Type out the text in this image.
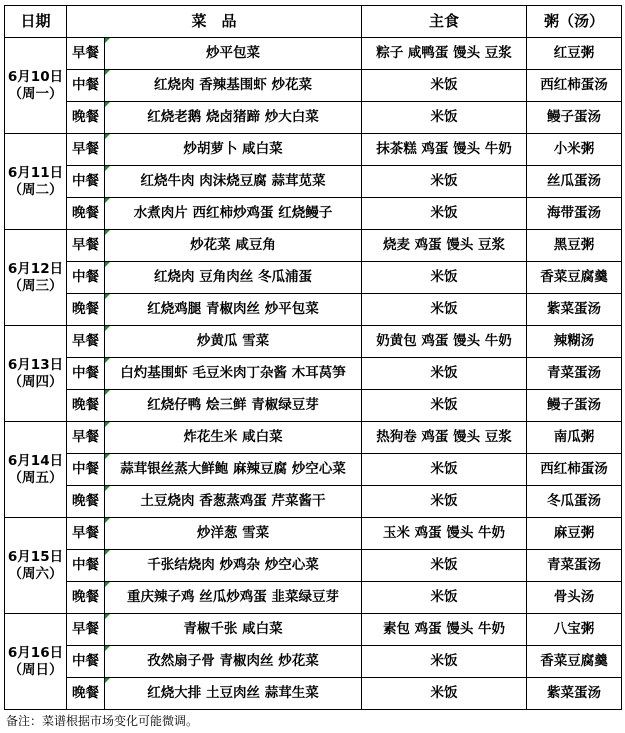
日期	菜　品		主食	粥（汤）

6月10日
（周一）	早餐	炒平包菜	粽子 咸鸭蛋 馒头 豆浆	红豆粥
	中餐	红烧肉 香辣基围虾 炒花菜	米饭	西红柿蛋汤
	晚餐	红烧老鹅 烧卤猪蹄 炒大白菜	米饭	鳗子蛋汤

6月11日
（周二）	早餐	炒胡萝卜 咸白菜	抹茶糕 鸡蛋 馒头 牛奶	小米粥
	中餐	红烧牛肉 肉沫烧豆腐 蒜茸苋菜	米饭	丝瓜蛋汤
	晚餐	水煮肉片 西红柿炒鸡蛋 红烧鳗子	米饭	海带蛋汤

6月12日
（周三）	早餐	炒花菜 咸豆角	烧麦 鸡蛋 馒头 豆浆	黑豆粥
	中餐	红烧肉 豆角肉丝 冬瓜浦蛋	米饭	香菜豆腐羹
	晚餐	红烧鸡腿 青椒肉丝 炒平包菜	米饭	紫菜蛋汤

6月13日
（周四）	早餐	炒黄瓜 雪菜	奶黄包 鸡蛋 馒头 牛奶	辣糊汤
	中餐	白灼基围虾 毛豆米肉丁杂酱 木耳莴笋	米饭	青菜蛋汤
	晚餐	红烧仔鸭 烩三鲜 青椒绿豆芽	米饭	鳗子蛋汤

6月14日
（周五）	早餐	炸花生米 咸白菜	热狗卷 鸡蛋 馒头 豆浆	南瓜粥
	中餐	蒜茸银丝蒸大鲜鲍 麻辣豆腐 炒空心菜	米饭	西红柿蛋汤
	晚餐	土豆烧肉 香葱蒸鸡蛋 芹菜酱干	米饭	冬瓜蛋汤

6月15日
（周六）	早餐	炒洋葱 雪菜	玉米 鸡蛋 馒头 牛奶	麻豆粥
	中餐	千张结烧肉 炒鸡杂 炒空心菜	米饭	青菜蛋汤
	晚餐	重庆辣子鸡 丝瓜炒鸡蛋 韭菜绿豆芽	米饭	骨头汤

6月16日
（周日）	早餐	青椒千张 咸白菜	素包 鸡蛋 馒头 牛奶	八宝粥
	中餐	孜然扇子骨 青椒肉丝 炒花菜	米饭	香菜豆腐羹
	晚餐	红烧大排 土豆肉丝 蒜茸生菜	米饭	紫菜蛋汤
备注：菜谱根据市场变化可能微调。
